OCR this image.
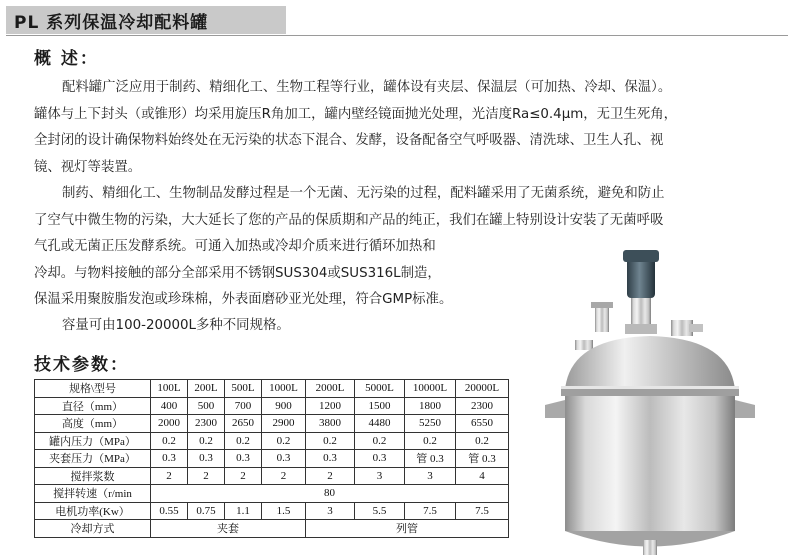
PL 系列保温冷却配料罐
概 述：
配料罐广泛应用于制药、精细化工、生物工程等行业，罐体设有夹层、保温层（可加热、冷却、保温）。
罐体与上下封头（或锥形）均采用旋压R角加工，罐内壁经镜面抛光处理，光洁度Ra≤0.4μm，无卫生死角，
全封闭的设计确保物料始终处在无污染的状态下混合、发酵，设备配备空气呼吸器、清洗球、卫生人孔、视
镜、视灯等装置。
制药、精细化工、生物制品发酵过程是一个无菌、无污染的过程，配料罐采用了无菌系统，避免和防止
了空气中微生物的污染，大大延长了您的产品的保质期和产品的纯正，我们在罐上特别设计安装了无菌呼吸
气孔或无菌正压发酵系统。可通入加热或冷却介质来进行循环加热和
冷却。与物料接触的部分全部采用不锈钢SUS304或SUS316L制造，
保温采用聚胺脂发泡或珍珠棉，外表面磨砂亚光处理，符合GMP标准。
容量可由100-20000L多种不同规格。
技术参数：
规格\型号	100L	200L	500L	1000L	2000L	5000L	10000L	20000L
直径（mm）	400	500	700	900	1200	1500	1800	2300
高度（mm）	2000	2300	2650	2900	3800	4480	5250	6550
罐内压力（MPa）	0.2	0.2	0.2	0.2	0.2	0.2	0.2	0.2
夹套压力（MPa）	0.3	0.3	0.3	0.3	0.3	0.3	管 0.3	管 0.3
搅拌浆数	2	2	2	2	2	3	3	4
搅拌转速（r/min	80							
电机功率(Kw）	0.55	0.75	1.1	1.5	3	5.5	7.5	7.5
冷却方式	夹套				列管			
